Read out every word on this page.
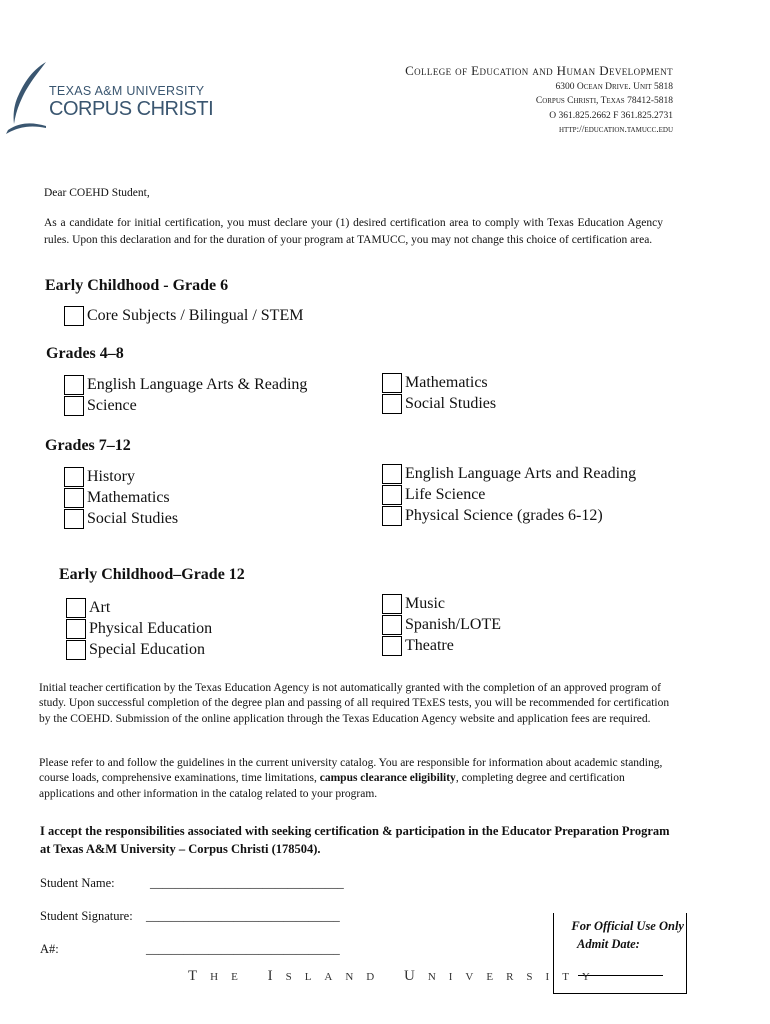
TEXAS A&M UNIVERSITY
CORPUS CHRISTI
College of Education and Human Development
6300 Ocean Drive. Unit 5818
Corpus Christi, Texas 78412-5818
O 361.825.2662 F 361.825.2731
http://education.tamucc.edu
Dear COEHD Student,
As a candidate for initial certification, you must declare your (1) desired certification area to comply with Texas Education Agency rules. Upon this declaration and for the duration of your program at TAMUCC, you may not change this choice of certification area.
Early Childhood - Grade 6
Core Subjects / Bilingual / STEM
Grades 4–8
English Language Arts & Reading
Science
Mathematics
Social Studies
Grades 7–12
History
Mathematics
Social Studies
English Language Arts and Reading
Life Science
Physical Science (grades 6-12)
Early Childhood–Grade 12
Art
Physical Education
Special Education
Music
Spanish/LOTE
Theatre
Initial teacher certification by the Texas Education Agency is not automatically granted with the completion of an approved program of study. Upon successful completion of the degree plan and passing of all required TExES tests, you will be recommended for certification by the COEHD. Submission of the online application through the Texas Education Agency website and application fees are required.
Please refer to and follow the guidelines in the current university catalog. You are responsible for information about academic standing, course loads, comprehensive examinations, time limitations, campus clearance eligibility, completing degree and certification applications and other information in the catalog related to your program.
I accept the responsibilities associated with seeking certification & participation in the Educator Preparation Program at Texas A&M University – Corpus Christi (178504).
Student Name:	_______________________________
Student Signature: _______________________________
A#:	_______________________________
For Official Use Only
Admit Date:
The Island University
